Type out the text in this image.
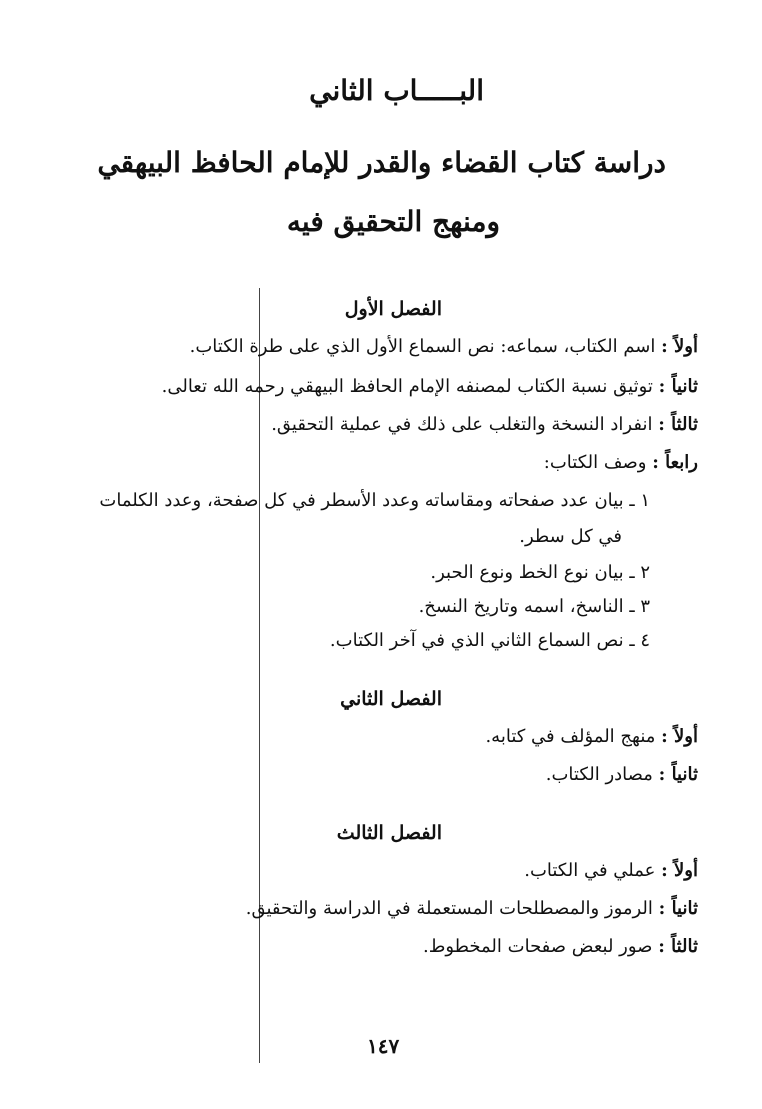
البـــــاب الثاني
دراسة كتاب القضاء والقدر للإمام الحافظ البيهقي
ومنهج التحقيق فيه
الفصل الأول
أولاً : اسم الكتاب، سماعه: نص السماع الأول الذي على طرة الكتاب.
ثانياً : توثيق نسبة الكتاب لمصنفه الإمام الحافظ البيهقي رحمه الله تعالى.
ثالثاً : انفراد النسخة والتغلب على ذلك في عملية التحقيق.
رابعاً : وصف الكتاب:
١ ـ بيان عدد صفحاته ومقاساته وعدد الأسطر في كل صفحة، وعدد الكلمات
في كل سطر.
٢ ـ بيان نوع الخط ونوع الحبر.
٣ ـ الناسخ، اسمه وتاريخ النسخ.
٤ ـ نص السماع الثاني الذي في آخر الكتاب.
الفصل الثاني
أولاً : منهج المؤلف في كتابه.
ثانياً : مصادر الكتاب.
الفصل الثالث
أولاً : عملي في الكتاب.
ثانياً : الرموز والمصطلحات المستعملة في الدراسة والتحقيق.
ثالثاً : صور لبعض صفحات المخطوط.
١٤٧
